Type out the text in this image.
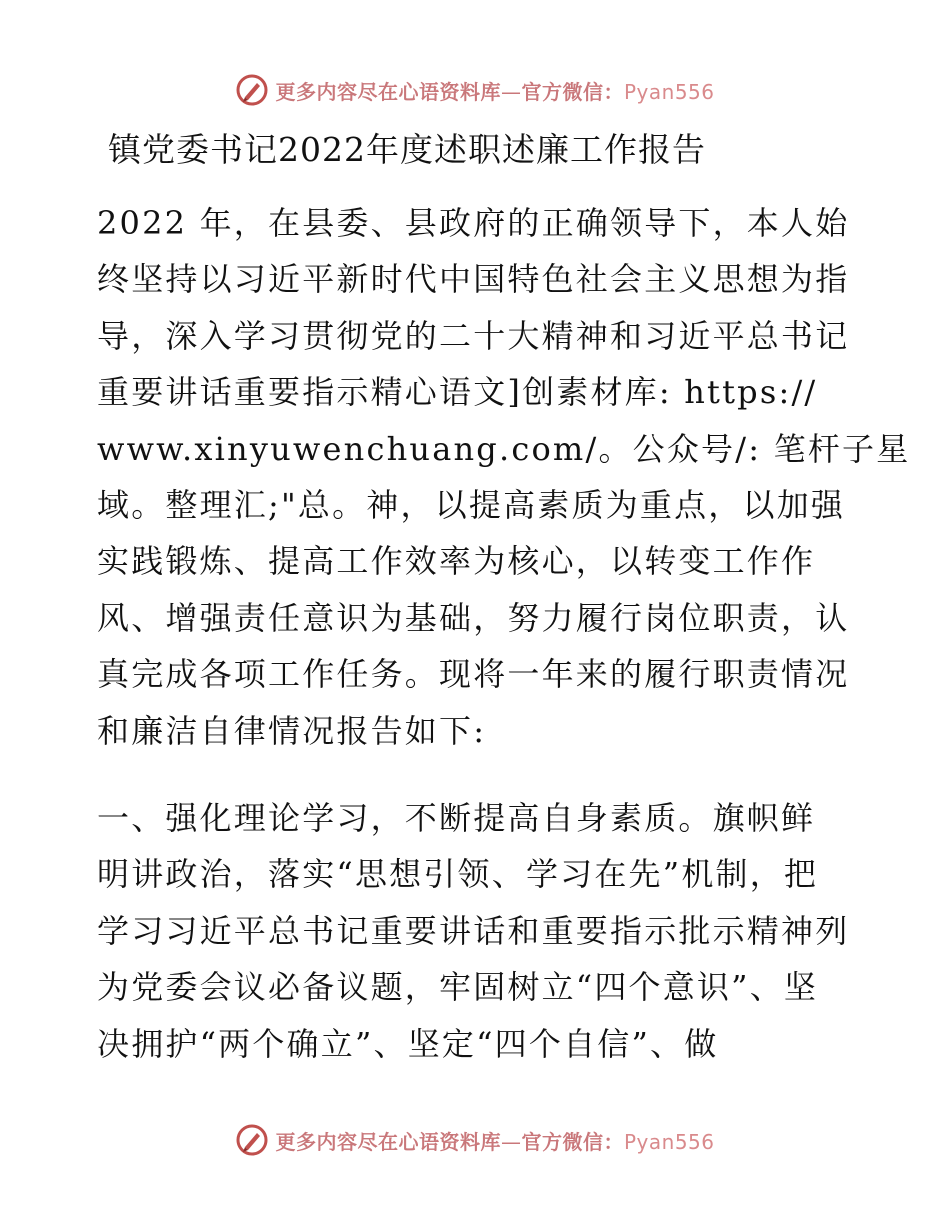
更多内容尽在心语资料库—官方微信：Pyan556
镇党委书记2022年度述职述廉工作报告
2022 年，在县委、县政府的正确领导下，本人始
终坚持以习近平新时代中国特色社会主义思想为指
导，深入学习贯彻党的二十大精神和习近平总书记
重要讲话重要指示精心语文]创素材库: https://
www.xinyuwenchuang.com/。公众号/: 笔杆子星
域。整理汇;"总。神，以提高素质为重点，以加强
实践锻炼、提高工作效率为核心，以转变工作作
风、增强责任意识为基础，努力履行岗位职责，认
真完成各项工作任务。现将一年来的履行职责情况
和廉洁自律情况报告如下:
一、强化理论学习，不断提高自身素质。旗帜鲜
明讲政治，落实“思想引领、学习在先”机制，把
学习习近平总书记重要讲话和重要指示批示精神列
为党委会议必备议题，牢固树立“四个意识”、坚
决拥护“两个确立”、坚定“四个自信”、做
更多内容尽在心语资料库—官方微信：Pyan556
